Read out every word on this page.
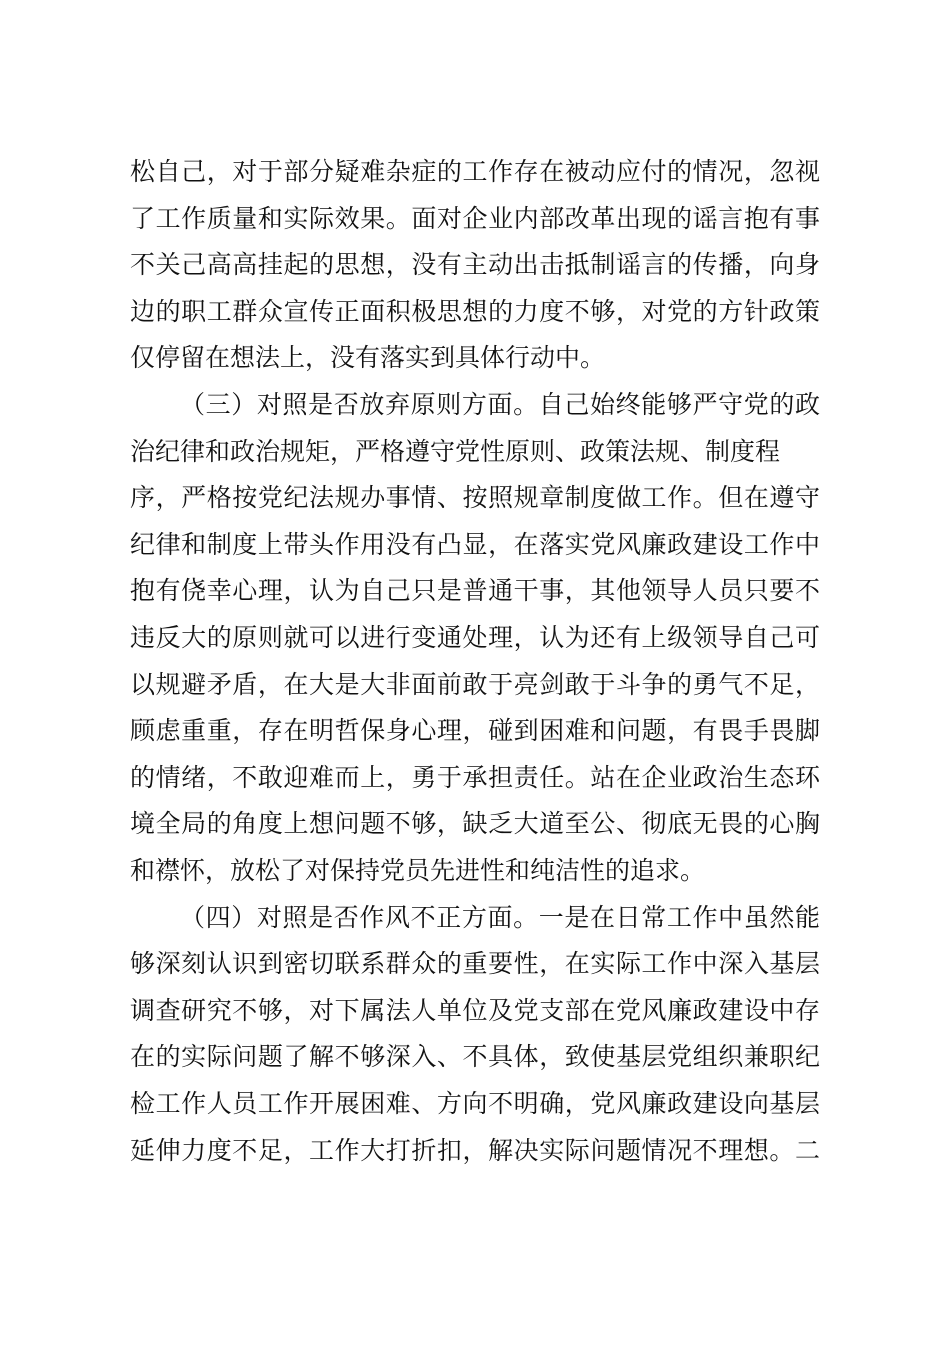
松自己，对于部分疑难杂症的工作存在被动应付的情况，忽视
了工作质量和实际效果。面对企业内部改革出现的谣言抱有事
不关己高高挂起的思想，没有主动出击抵制谣言的传播，向身
边的职工群众宣传正面积极思想的力度不够，对党的方针政策
仅停留在想法上，没有落实到具体行动中。
（三）对照是否放弃原则方面。自己始终能够严守党的政
治纪律和政治规矩，严格遵守党性原则、政策法规、制度程
序，严格按党纪法规办事情、按照规章制度做工作。但在遵守
纪律和制度上带头作用没有凸显，在落实党风廉政建设工作中
抱有侥幸心理，认为自己只是普通干事，其他领导人员只要不
违反大的原则就可以进行变通处理，认为还有上级领导自己可
以规避矛盾，在大是大非面前敢于亮剑敢于斗争的勇气不足，
顾虑重重，存在明哲保身心理，碰到困难和问题，有畏手畏脚
的情绪，不敢迎难而上，勇于承担责任。站在企业政治生态环
境全局的角度上想问题不够，缺乏大道至公、彻底无畏的心胸
和襟怀，放松了对保持党员先进性和纯洁性的追求。
（四）对照是否作风不正方面。一是在日常工作中虽然能
够深刻认识到密切联系群众的重要性，在实际工作中深入基层
调查研究不够，对下属法人单位及党支部在党风廉政建设中存
在的实际问题了解不够深入、不具体，致使基层党组织兼职纪
检工作人员工作开展困难、方向不明确，党风廉政建设向基层
延伸力度不足，工作大打折扣，解决实际问题情况不理想。二
